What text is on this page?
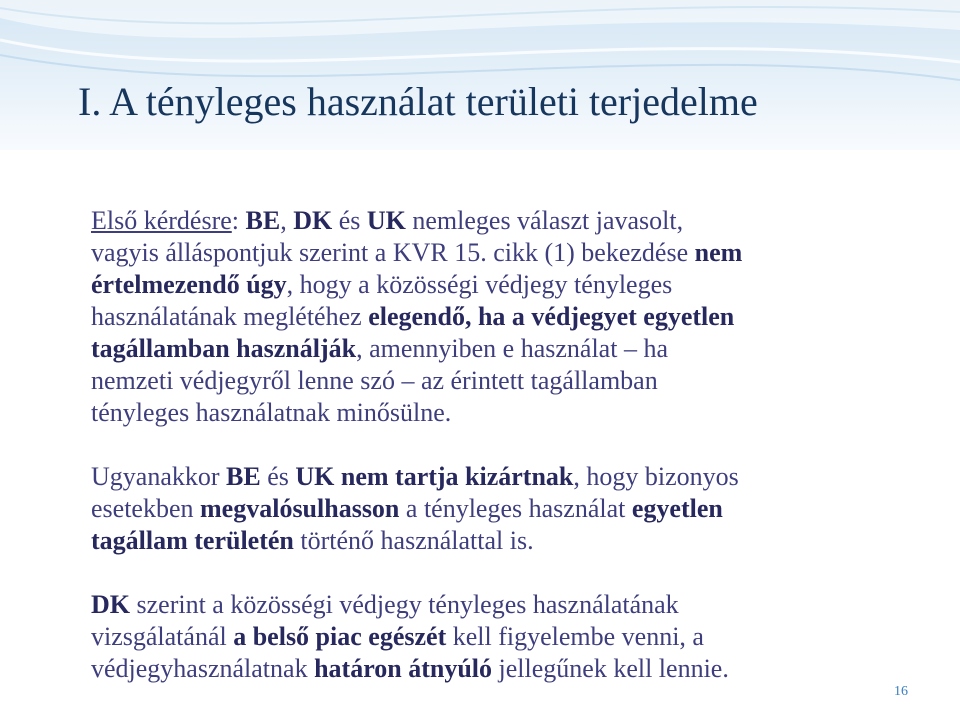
I. A tényleges használat területi terjedelme

Első kérdésre: BE, DK és UK nemleges választ javasolt,
vagyis álláspontjuk szerint a KVR 15. cikk (1) bekezdése nem
értelmezendő úgy, hogy a közösségi védjegy tényleges
használatának meglétéhez elegendő, ha a védjegyet egyetlen
tagállamban használják, amennyiben e használat – ha
nemzeti védjegyről lenne szó – az érintett tagállamban
tényleges használatnak minősülne.

Ugyanakkor BE és UK nem tartja kizártnak, hogy bizonyos
esetekben megvalósulhasson a tényleges használat egyetlen
tagállam területén történő használattal is.

DK szerint a közösségi védjegy tényleges használatának
vizsgálatánál a belső piac egészét kell figyelembe venni, a
védjegyhasználatnak határon átnyúló jellegűnek kell lennie.

16
